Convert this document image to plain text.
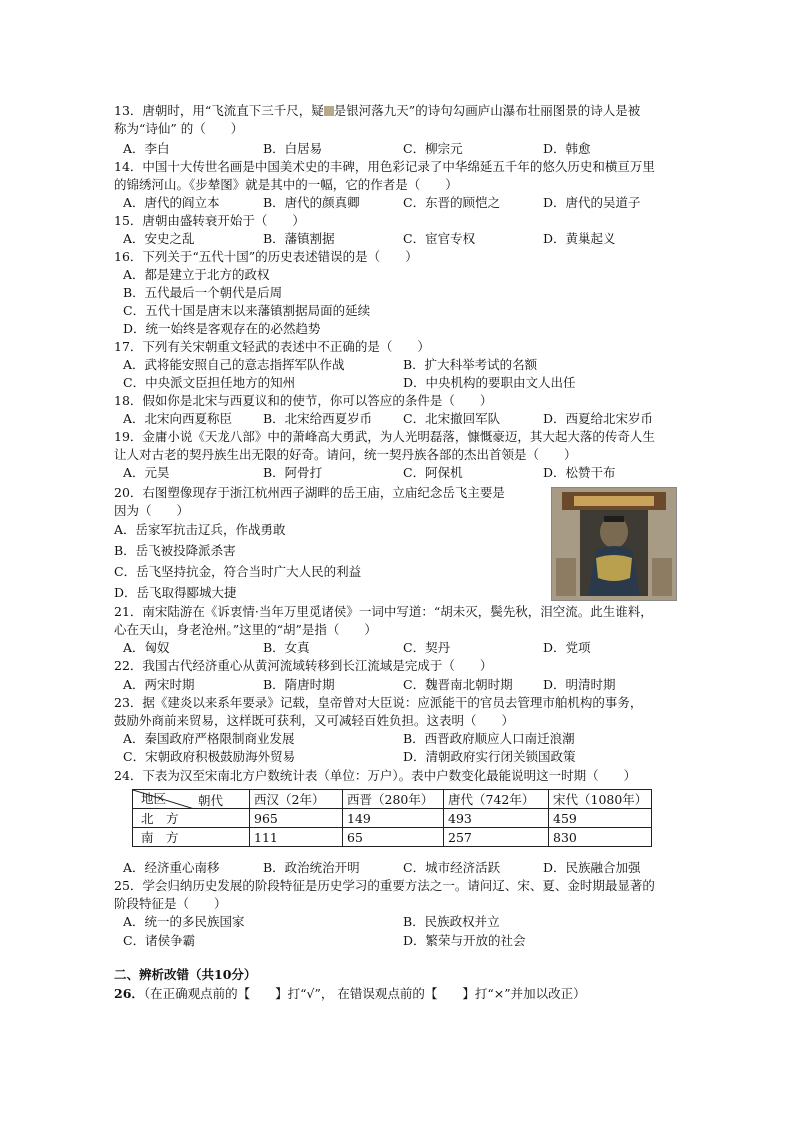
13．唐朝时，用“飞流直下三千尺，疑 是银河落九天”的诗句勾画庐山瀑布壮丽图景的诗人是被
称为“诗仙” 的（　　）
A．李白	B．白居易	C．柳宗元	D．韩愈
14．中国十大传世名画是中国美术史的丰碑，用色彩记录了中华绵延五千年的悠久历史和横亘万里
的锦绣河山。《步辇图》就是其中的一幅，它的作者是（　　）
A．唐代的阎立本	B．唐代的颜真卿	C．东晋的顾恺之	D．唐代的吴道子
15．唐朝由盛转衰开始于（　　）
A．安史之乱	B．藩镇割据	C．宦官专权	D．黄巢起义
16．下列关于“五代十国”的历史表述错误的是（　　）
A．都是建立于北方的政权
B．五代最后一个朝代是后周
C．五代十国是唐末以来藩镇割据局面的延续
D．统一始终是客观存在的必然趋势
17．下列有关宋朝重文轻武的表述中不正确的是（　　）
A．武将能安照自己的意志指挥军队作战	B．扩大科举考试的名额
C．中央派文臣担任地方的知州	D．中央机构的要职由文人出任
18．假如你是北宋与西夏议和的使节，你可以答应的条件是（　　）
A．北宋向西夏称臣 B．北宋给西夏岁币 C．北宋撤回军队	D．西夏给北宋岁币
19．金庸小说《天龙八部》中的萧峰高大勇武，为人光明磊落，慷慨豪迈，其大起大落的传奇人生
让人对古老的契丹族生出无限的好奇。请问，统一契丹族各部的杰出首领是（　　）
A．元昊	B．阿骨打	C．阿保机	D．松赞干布
20．右图塑像现存于浙江杭州西子湖畔的岳王庙，立庙纪念岳飞主要是
因为（　　）
A．岳家军抗击辽兵，作战勇敢
B．岳飞被投降派杀害
C．岳飞坚持抗金，符合当时广大人民的利益
D．岳飞取得郾城大捷
21．南宋陆游在《诉衷情·当年万里觅诸侯》一词中写道：“胡未灭，鬓先秋，泪空流。此生谁料，
心在天山，身老沧州。”这里的“胡”是指（　　）
A．匈奴	B．女真	C．契丹	D．党项
22．我国古代经济重心从黄河流域转移到长江流域是完成于（　　）
A．两宋时期	B．隋唐时期	C．魏晋南北朝时期 D．明清时期
23．据《建炎以来系年要录》记载，皇帝曾对大臣说：应派能干的官员去管理市舶机构的事务，
鼓励外商前来贸易，这样既可获利，又可减轻百姓负担。这表明（　　）
A．秦国政府严格限制商业发展	B．西晋政府顺应人口南迁浪潮
C．宋朝政府积极鼓励海外贸易	D．清朝政府实行闭关锁国政策
24．下表为汉至宋南北方户数统计表（单位：万户）。表中户数变化最能说明这一时期（　　）
朝代
地区	西汉（2年）	西晋（280年）	唐代（742年）	宋代（1080年）
北　方	965	149	493	459
南　方	111	65	257	830
A．经济重心南移	B．政治统治开明	C．城市经济活跃	D．民族融合加强
25．学会归纳历史发展的阶段特征是历史学习的重要方法之一。请问辽、宋、夏、金时期最显著的
阶段特征是（　　）
A．统一的多民族国家	B．民族政权并立
C．诸侯争霸	D．繁荣与开放的社会
二、辨析改错（共10分）
26．（在正确观点前的【　　】打“√”， 在错误观点前的【　　】打“×”并加以改正）
